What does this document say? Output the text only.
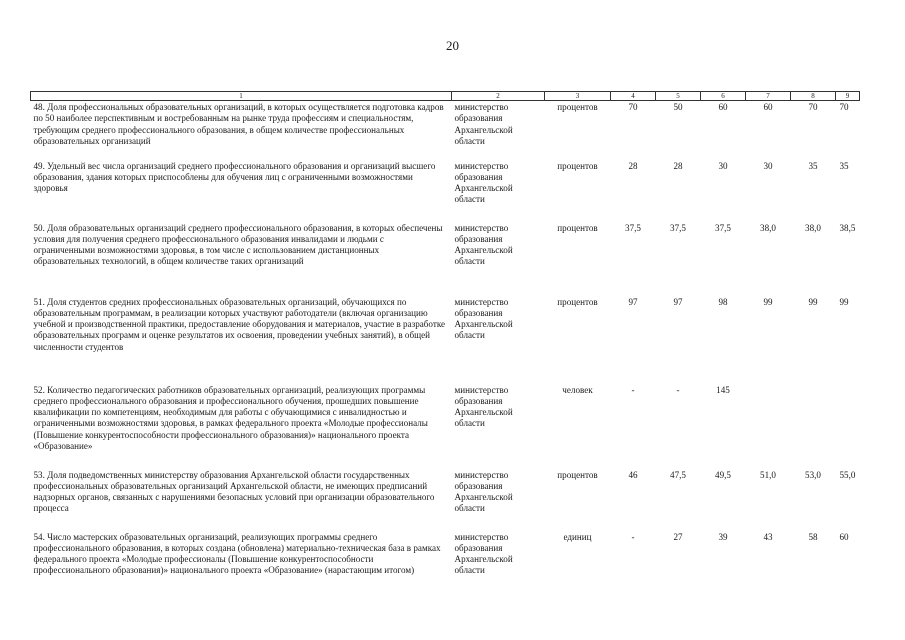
20
1	2	3	4	5	6	7	8	9
48. Доля профессиональных образовательных организаций, в которых осуществляется подготовка кадров по 50 наиболее перспективным и востребованным на рынке труда профессиям и специальностям, требующим среднего профессионального образования, в общем количестве профессиональных образовательных организаций	министерство образования Архангельской области	процентов	70	50	60	60	70	70
49. Удельный вес числа организаций среднего профессионального образования и организаций высшего образования, здания которых приспособлены для обучения лиц с ограниченными возможностями здоровья	министерство образования Архангельской области	процентов	28	28	30	30	35	35
50. Доля образовательных организаций среднего профессионального образования, в которых обеспечены условия для получения среднего профессионального образования инвалидами и людьми с ограниченными возможностями здоровья, в том числе с использованием дистанционных образовательных технологий, в общем количестве таких организаций	министерство образования Архангельской области	процентов	37,5	37,5	37,5	38,0	38,0	38,5
51. Доля студентов средних профессиональных образовательных организаций, обучающихся по образовательным программам, в реализации которых участвуют работодатели (включая организацию учебной и производственной практики, предоставление оборудования и материалов, участие в разработке образовательных программ и оценке результатов их освоения, проведении учебных занятий), в общей численности студентов	министерство образования Архангельской области	процентов	97	97	98	99	99	99
52. Количество педагогических работников образовательных организаций, реализующих программы среднего профессионального образования и профессионального обучения, прошедших повышение квалификации по компетенциям, необходимым для работы с обучающимися с инвалидностью и ограниченными возможностями здоровья, в рамках федерального проекта «Молодые профессионалы (Повышение конкурентоспособности профессионального образования)» национального проекта «Образование»	министерство образования Архангельской области	человек	-	-	145			
53. Доля подведомственных министерству образования Архангельской области государственных профессиональных образовательных организаций Архангельской области, не имеющих предписаний надзорных органов, связанных с нарушениями безопасных условий при организации образовательного процесса	министерство образования Архангельской области	процентов	46	47,5	49,5	51,0	53,0	55,0
54. Число мастерских образовательных организаций, реализующих программы среднего профессионального образования, в которых создана (обновлена) материально-техническая база в рамках федерального проекта «Молодые профессионалы (Повышение конкурентоспособности профессионального образования)» национального проекта «Образование» (нарастающим итогом)	министерство образования Архангельской области	единиц	-	27	39	43	58	60
